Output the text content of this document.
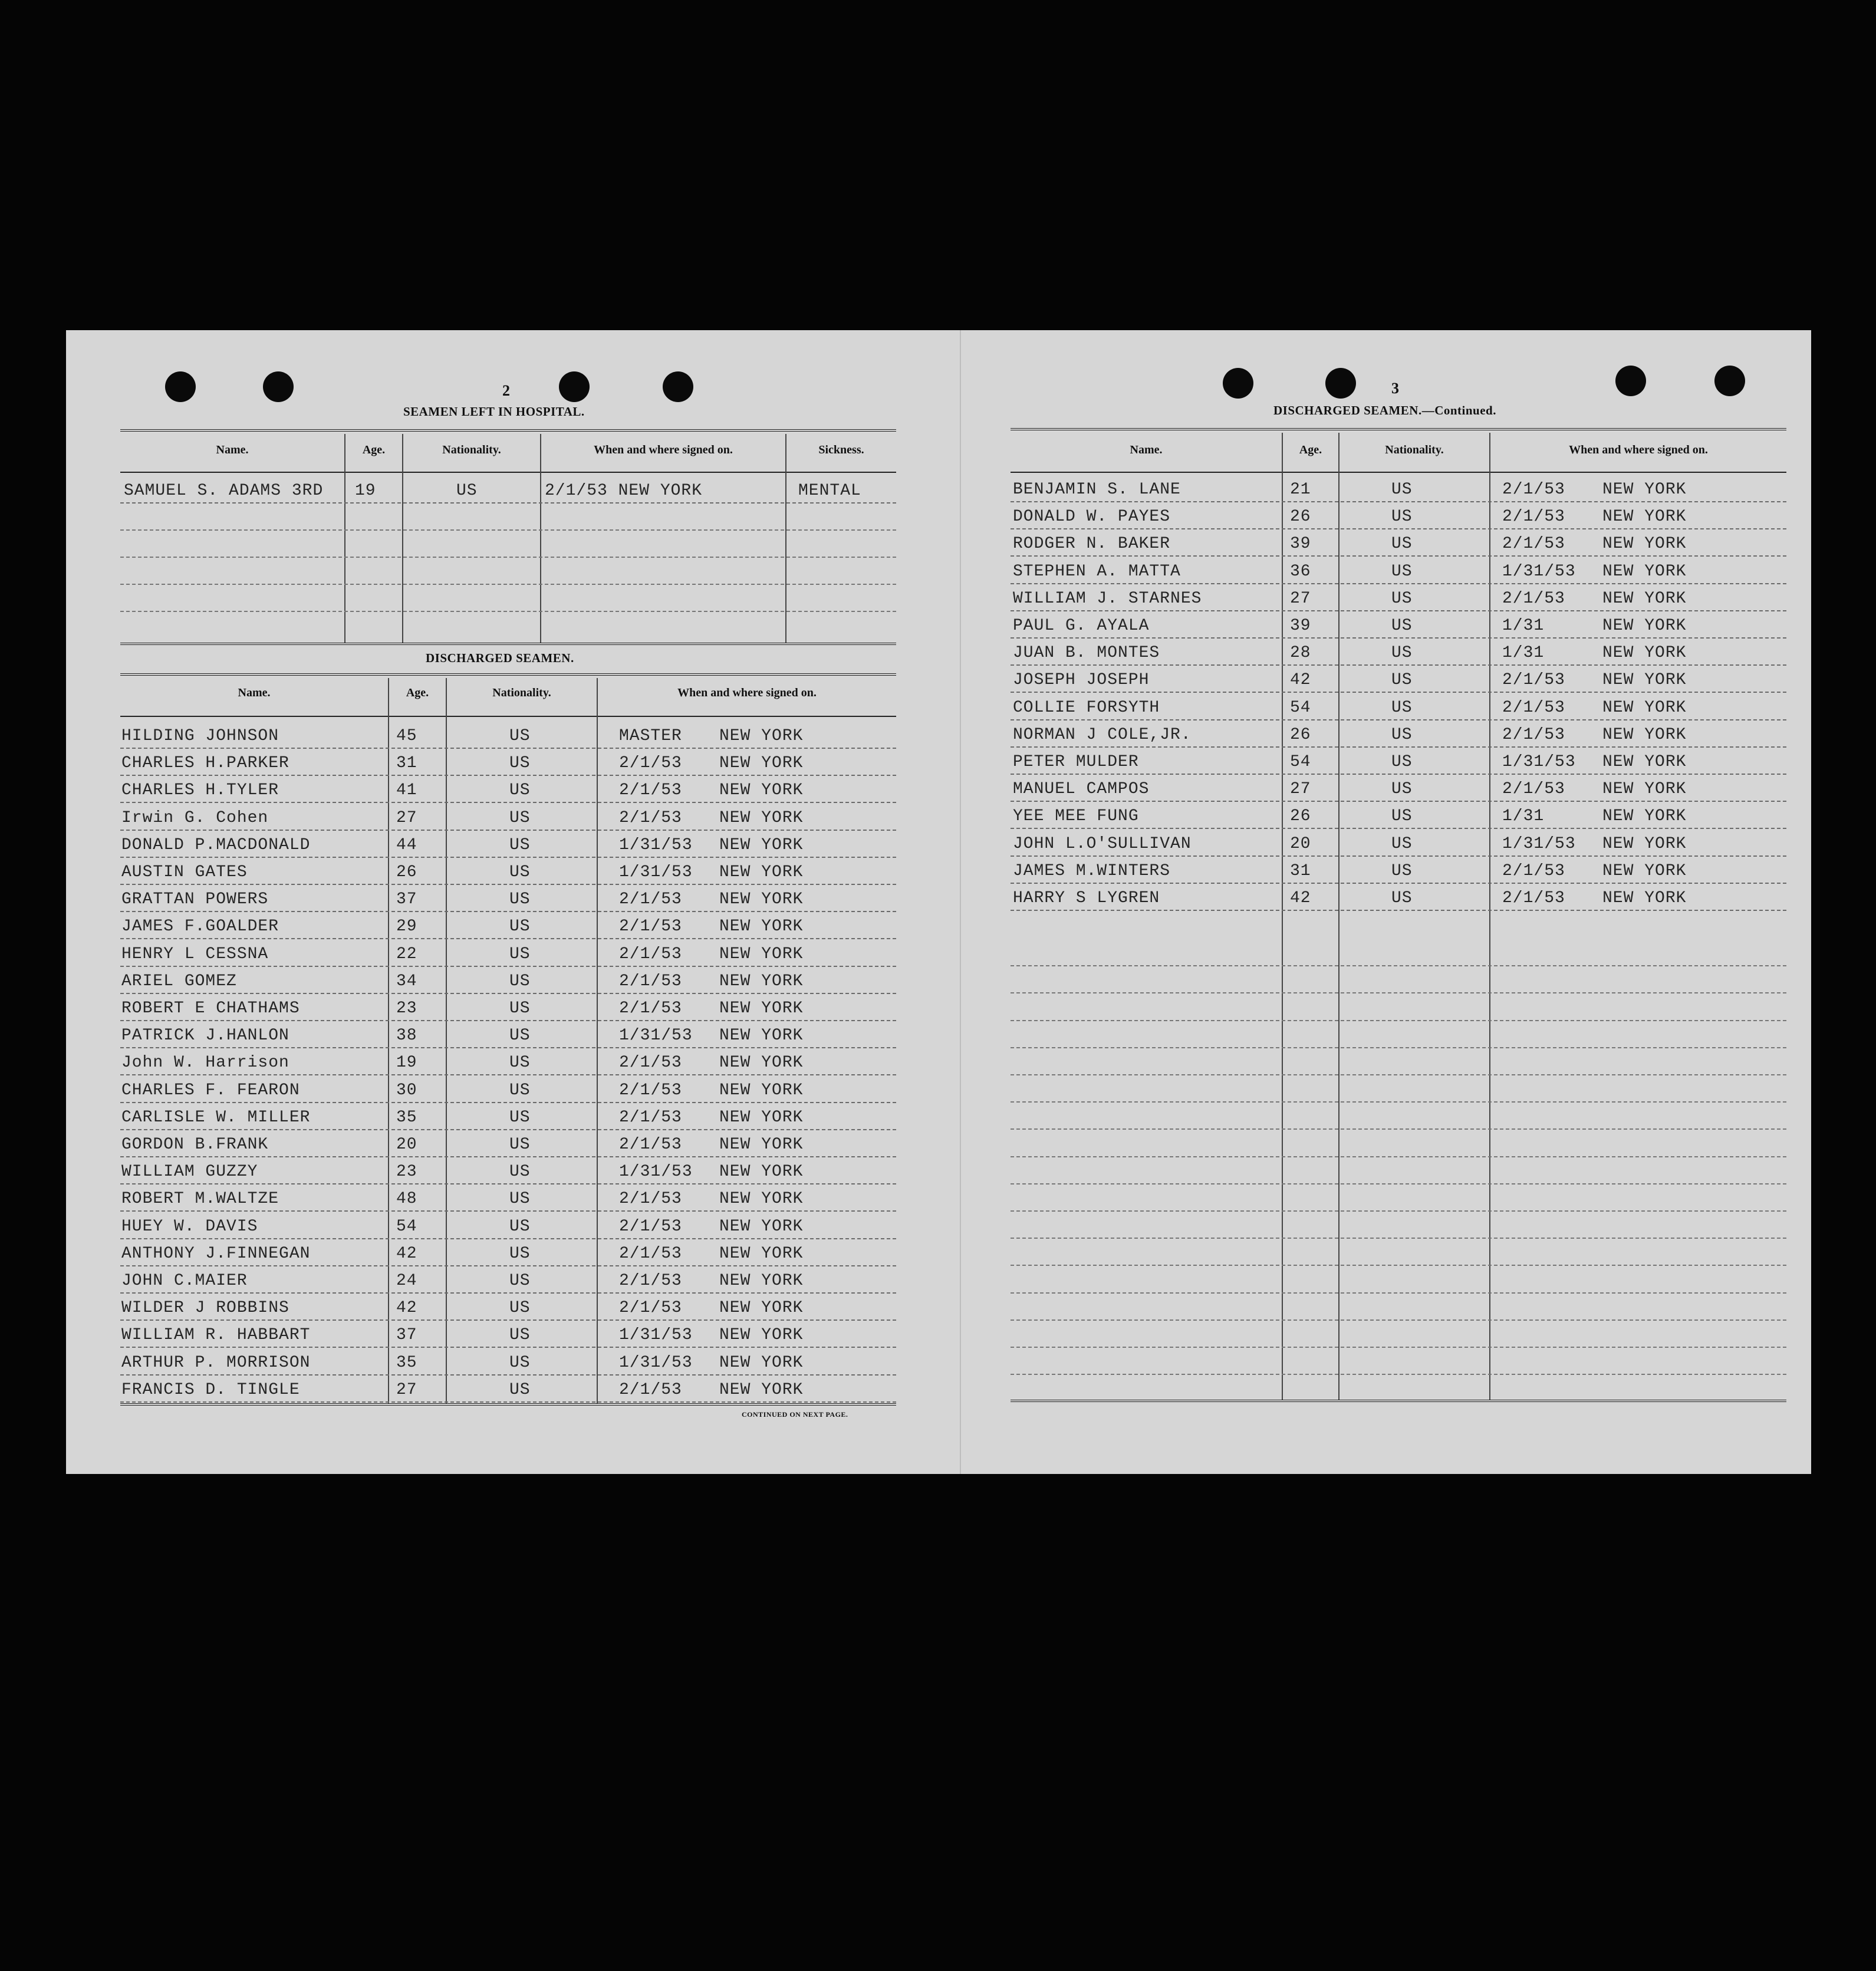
2
SEAMEN LEFT IN HOSPITAL.
Name.	Age.	Nationality.	When and where signed on.	Sickness.
SAMUEL S. ADAMS 3RD 19	US	2/1/53 NEW YORK	MENTAL
DISCHARGED SEAMEN.
Name.	Age.	Nationality.	When and where signed on.
HILDING JOHNSON	45	US	MASTER NEW YORK
CHARLES H.PARKER	31	US	2/1/53 NEW YORK
CHARLES H.TYLER	41	US	2/1/53 NEW YORK
Irwin G. Cohen	27	US	2/1/53 NEW YORK
DONALD P.MACDONALD	44	US	1/31/53 NEW YORK
AUSTIN GATES	26	US	1/31/53 NEW YORK
GRATTAN POWERS	37	US	2/1/53 NEW YORK
JAMES F.GOALDER	29	US	2/1/53 NEW YORK
HENRY L CESSNA	22	US	2/1/53 NEW YORK
ARIEL GOMEZ	34	US	2/1/53 NEW YORK
ROBERT E CHATHAMS	23	US	2/1/53 NEW YORK
PATRICK J.HANLON	38	US	1/31/53 NEW YORK
John W. Harrison	19	US	2/1/53 NEW YORK
CHARLES F. FEARON	30	US	2/1/53 NEW YORK
CARLISLE W. MILLER	35	US	2/1/53 NEW YORK
GORDON B.FRANK	20	US	2/1/53 NEW YORK
WILLIAM GUZZY	23	US	1/31/53 NEW YORK
ROBERT M.WALTZE	48	US	2/1/53 NEW YORK
HUEY W. DAVIS	54	US	2/1/53 NEW YORK
ANTHONY J.FINNEGAN	42	US	2/1/53 NEW YORK
JOHN C.MAIER	24	US	2/1/53 NEW YORK
WILDER J ROBBINS	42	US	2/1/53 NEW YORK
WILLIAM R. HABBART	37	US	1/31/53 NEW YORK
ARTHUR P. MORRISON	35	US	1/31/53 NEW YORK
FRANCIS D. TINGLE	27	US	2/1/53 NEW YORK
CONTINUED ON NEXT PAGE.
3
DISCHARGED SEAMEN.—Continued.
Name.	Age.	Nationality.	When and where signed on.
BENJAMIN S. LANE	21	US	2/1/53 NEW YORK
DONALD W. PAYES	26	US	2/1/53 NEW YORK
RODGER N. BAKER	39	US	2/1/53 NEW YORK
STEPHEN A. MATTA	36	US	1/31/53 NEW YORK
WILLIAM J. STARNES	27	US	2/1/53 NEW YORK
PAUL G. AYALA	39	US	1/31	NEW YORK
JUAN B. MONTES	28	US	1/31	NEW YORK
JOSEPH JOSEPH	42	US	2/1/53 NEW YORK
COLLIE FORSYTH	54	US	2/1/53 NEW YORK
NORMAN J COLE,JR.	26	US	2/1/53 NEW YORK
PETER MULDER	54	US	1/31/53 NEW YORK
MANUEL CAMPOS	27	US	2/1/53 NEW YORK
YEE MEE FUNG	26	US	1/31	NEW YORK
JOHN L.O'SULLIVAN	20	US	1/31/53 NEW YORK
JAMES M.WINTERS	31	US	2/1/53 NEW YORK
HARRY S LYGREN	42	US	2/1/53 NEW YORK
